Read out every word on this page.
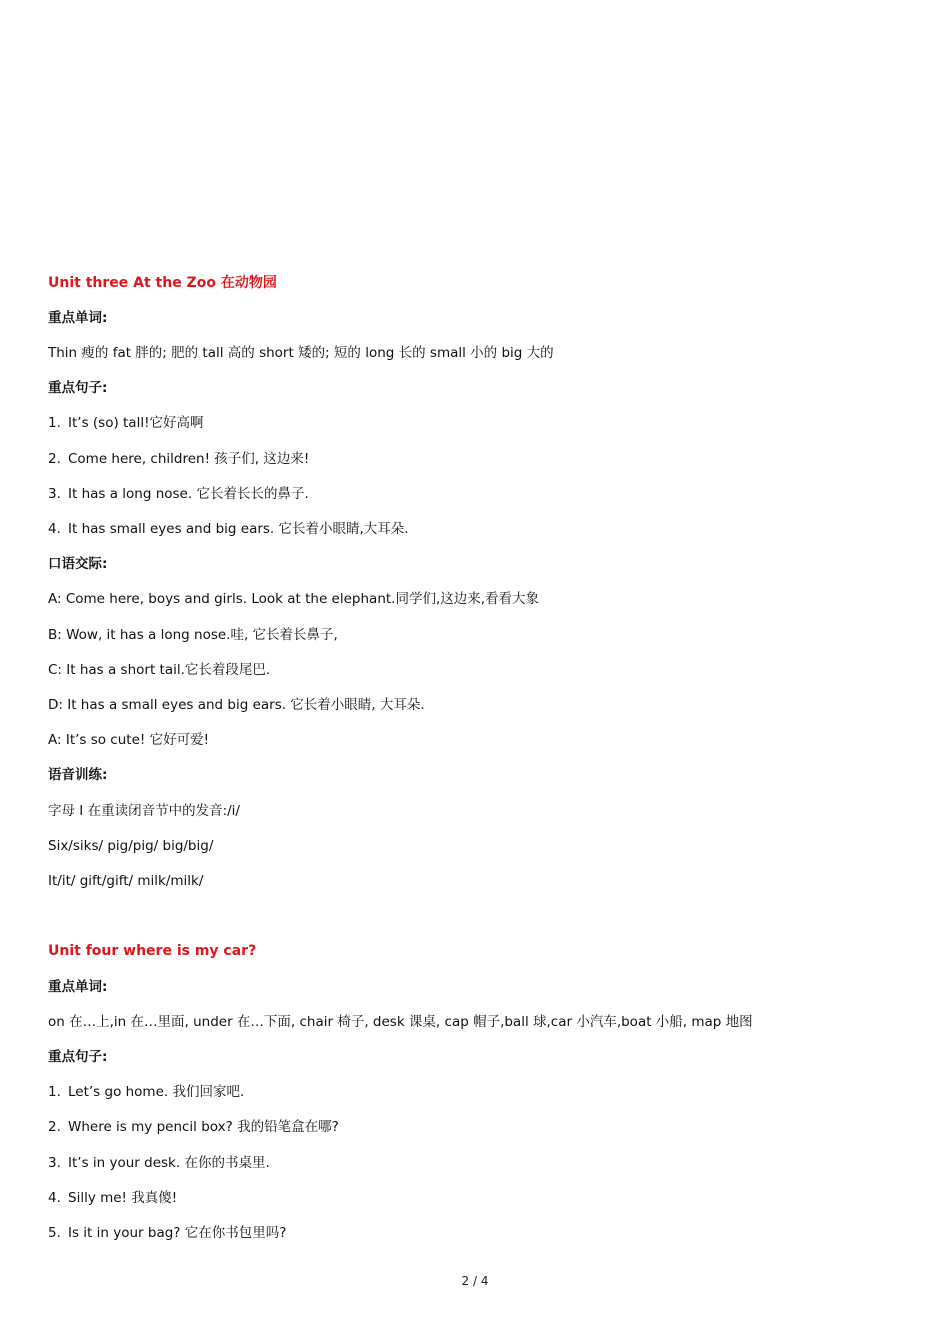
Unit three At the Zoo 在动物园
重点单词:
Thin 瘦的 fat 胖的; 肥的 tall 高的 short 矮的; 短的 long 长的 small 小的 big 大的
重点句子:
1. It’s (so) tall!它好高啊
2. Come here, children! 孩子们, 这边来!
3. It has a long nose. 它长着长长的鼻子.
4. It has small eyes and big ears. 它长着小眼睛,大耳朵.
口语交际:
A: Come here, boys and girls. Look at the elephant.同学们,这边来,看看大象
B: Wow, it has a long nose.哇, 它长着长鼻子,
C: It has a short tail.它长着段尾巴.
D: It has a small eyes and big ears. 它长着小眼睛, 大耳朵.
A: It’s so cute! 它好可爱!
语音训练:
字母 I 在重读闭音节中的发音:/i/
Six/siks/ pig/pig/ big/big/
It/it/ gift/gift/ milk/milk/
Unit four where is my car?
重点单词:
on 在…上,in 在…里面, under 在…下面, chair 椅子, desk 课桌, cap 帽子,ball 球,car 小汽车,boat 小船, map 地图
重点句子:
1. Let’s go home. 我们回家吧.
2. Where is my pencil box? 我的铅笔盒在哪?
3. It’s in your desk. 在你的书桌里.
4. Silly me! 我真傻!
5. Is it in your bag? 它在你书包里吗?
2 / 4
